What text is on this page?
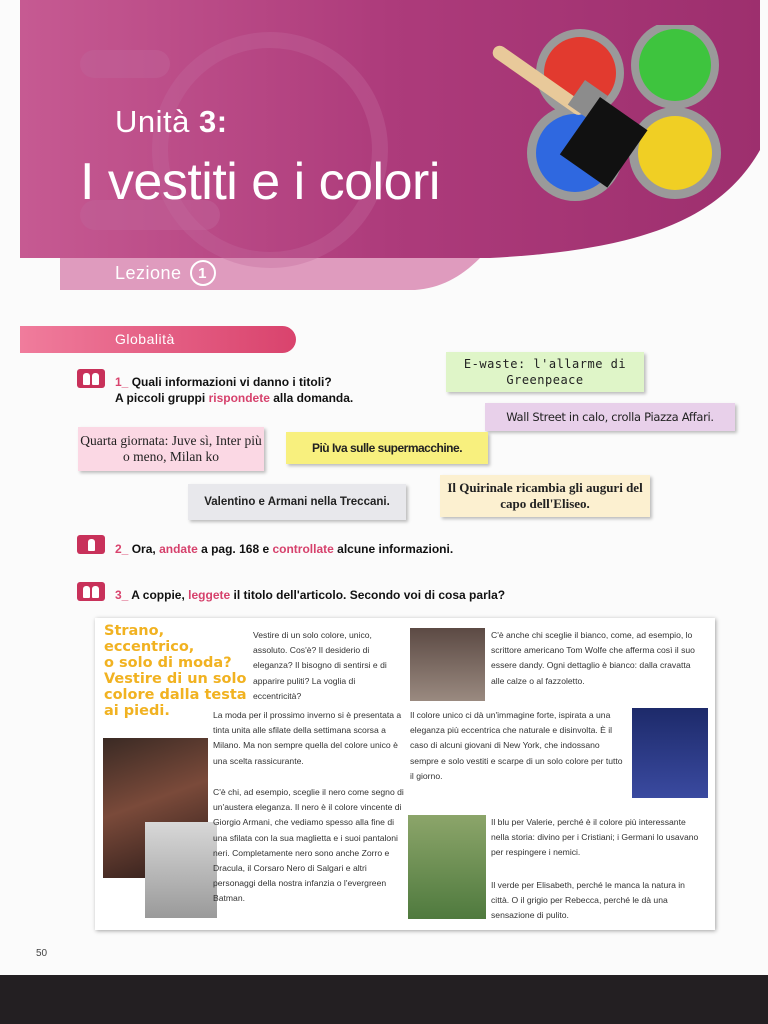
Unità 3:
I vestiti e i colori
Lezione	1
Globalità
1_ Quali informazioni vi danno i titoli?
A piccoli gruppi rispondete alla domanda.
E-waste: l'allarme di Greenpeace
Wall Street in calo, crolla Piazza Affari.
Quarta giornata: Juve sì, Inter più o meno, Milan ko
Più Iva sulle supermacchine.
Valentino e Armani nella Treccani.
Il Quirinale ricambia gli auguri del capo dell'Eliseo.
2_ Ora, andate a pag. 168 e controllate alcune informazioni.
3_ A coppie, leggete il titolo dell'articolo. Secondo voi di cosa parla?
Strano,
eccentrico,
o solo di moda?
Vestire di un solo
colore dalla testa
ai piedi.

Vestire di un solo colore, unico, assoluto. Cos'è? Il desiderio di eleganza? Il bisogno di sentirsi e di apparire puliti? La voglia di eccentricità?

La moda per il prossimo inverno si è presentata a tinta unita alle sfilate della settimana scorsa a Milano. Ma non sempre quella del colore unico è una scelta rassicurante.

C'è chi, ad esempio, sceglie il nero come segno di un'austera eleganza. Il nero è il colore vincente di Giorgio Armani, che vediamo spesso alla fine di una sfilata con la sua maglietta e i suoi pantaloni neri. Completamente nero sono anche Zorro e Dracula, il Corsaro Nero di Salgari e altri personaggi della nostra infanzia o l'evergreen Batman.

C'è anche chi sceglie il bianco, come, ad esempio, lo scrittore americano Tom Wolfe che afferma così il suo essere dandy. Ogni dettaglio è bianco: dalla cravatta alle calze o al fazzoletto.

Il colore unico ci dà un'immagine forte, ispirata a una eleganza più eccentrica che naturale e disinvolta. È il caso di alcuni giovani di New York, che indossano sempre e solo vestiti e scarpe di un solo colore per tutto il giorno.

Il blu per Valerie, perché è il colore più interessante nella storia: divino per i Cristiani; i Germani lo usavano per respingere i nemici.

Il verde per Elisabeth, perché le manca la natura in città. O il grigio per Rebecca, perché le dà una sensazione di pulito.

50
